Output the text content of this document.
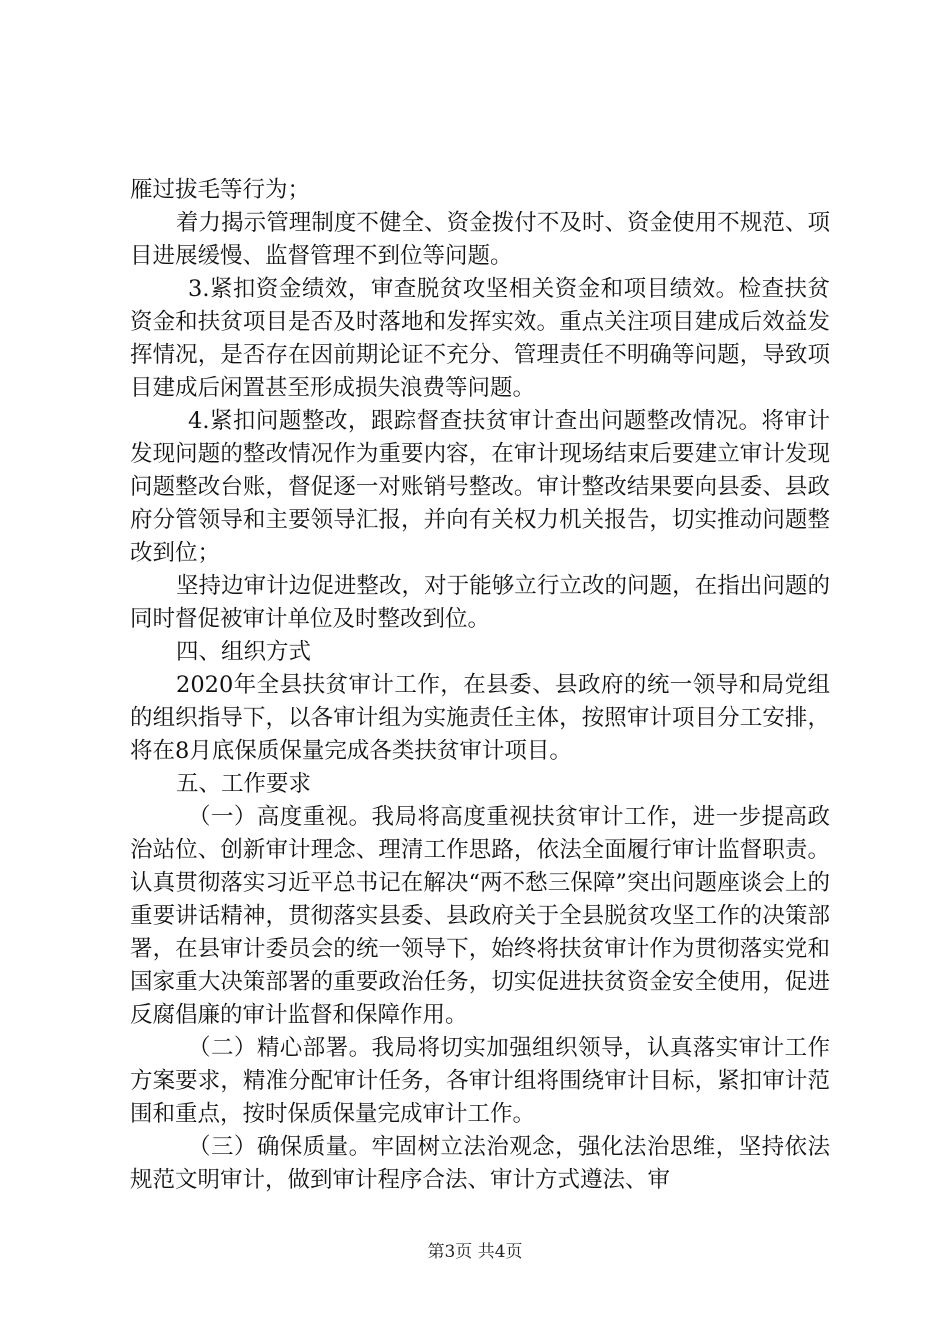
雁过拔毛等行为；

着力揭示管理制度不健全、资金拨付不及时、资金使用不规范、项目进展缓慢、监督管理不到位等问题。

3.紧扣资金绩效，审查脱贫攻坚相关资金和项目绩效。检查扶贫资金和扶贫项目是否及时落地和发挥实效。重点关注项目建成后效益发挥情况，是否存在因前期论证不充分、管理责任不明确等问题，导致项目建成后闲置甚至形成损失浪费等问题。

4.紧扣问题整改，跟踪督查扶贫审计查出问题整改情况。将审计发现问题的整改情况作为重要内容，在审计现场结束后要建立审计发现问题整改台账，督促逐一对账销号整改。审计整改结果要向县委、县政府分管领导和主要领导汇报，并向有关权力机关报告，切实推动问题整改到位；

坚持边审计边促进整改，对于能够立行立改的问题，在指出问题的同时督促被审计单位及时整改到位。

四、组织方式

2020年全县扶贫审计工作，在县委、县政府的统一领导和局党组的组织指导下，以各审计组为实施责任主体，按照审计项目分工安排，将在8月底保质保量完成各类扶贫审计项目。

五、工作要求

（一）高度重视。我局将高度重视扶贫审计工作，进一步提高政治站位、创新审计理念、理清工作思路，依法全面履行审计监督职责。认真贯彻落实习近平总书记在解决“两不愁三保障”突出问题座谈会上的重要讲话精神，贯彻落实县委、县政府关于全县脱贫攻坚工作的决策部署，在县审计委员会的统一领导下，始终将扶贫审计作为贯彻落实党和国家重大决策部署的重要政治任务，切实促进扶贫资金安全使用，促进反腐倡廉的审计监督和保障作用。

（二）精心部署。我局将切实加强组织领导，认真落实审计工作方案要求，精准分配审计任务，各审计组将围绕审计目标，紧扣审计范围和重点，按时保质保量完成审计工作。

（三）确保质量。牢固树立法治观念，强化法治思维，坚持依法规范文明审计，做到审计程序合法、审计方式遵法、审

第3页 共4页
